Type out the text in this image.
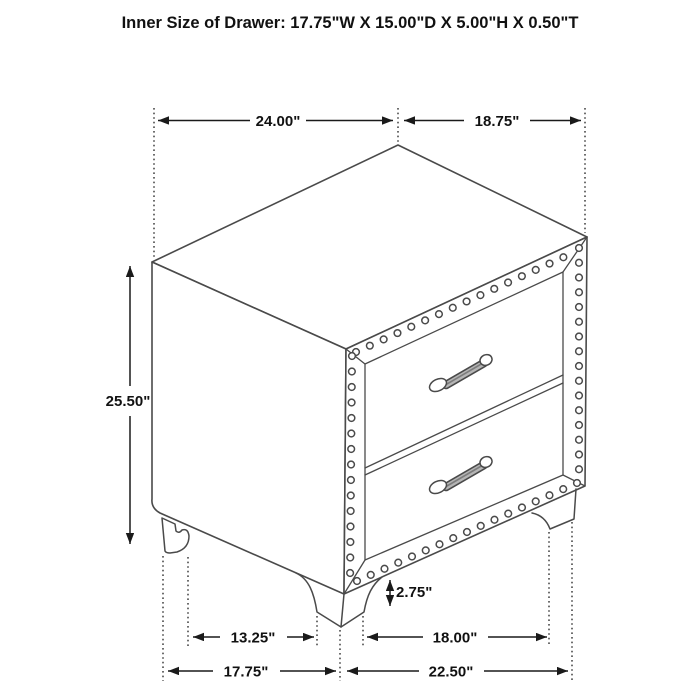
24.00"	18.75"
25.50"
2.75"
13.25"	18.00"
17.75"	22.50"
Inner Size of Drawer: 17.75"W X 15.00"D X 5.00"H X 0.50"T
